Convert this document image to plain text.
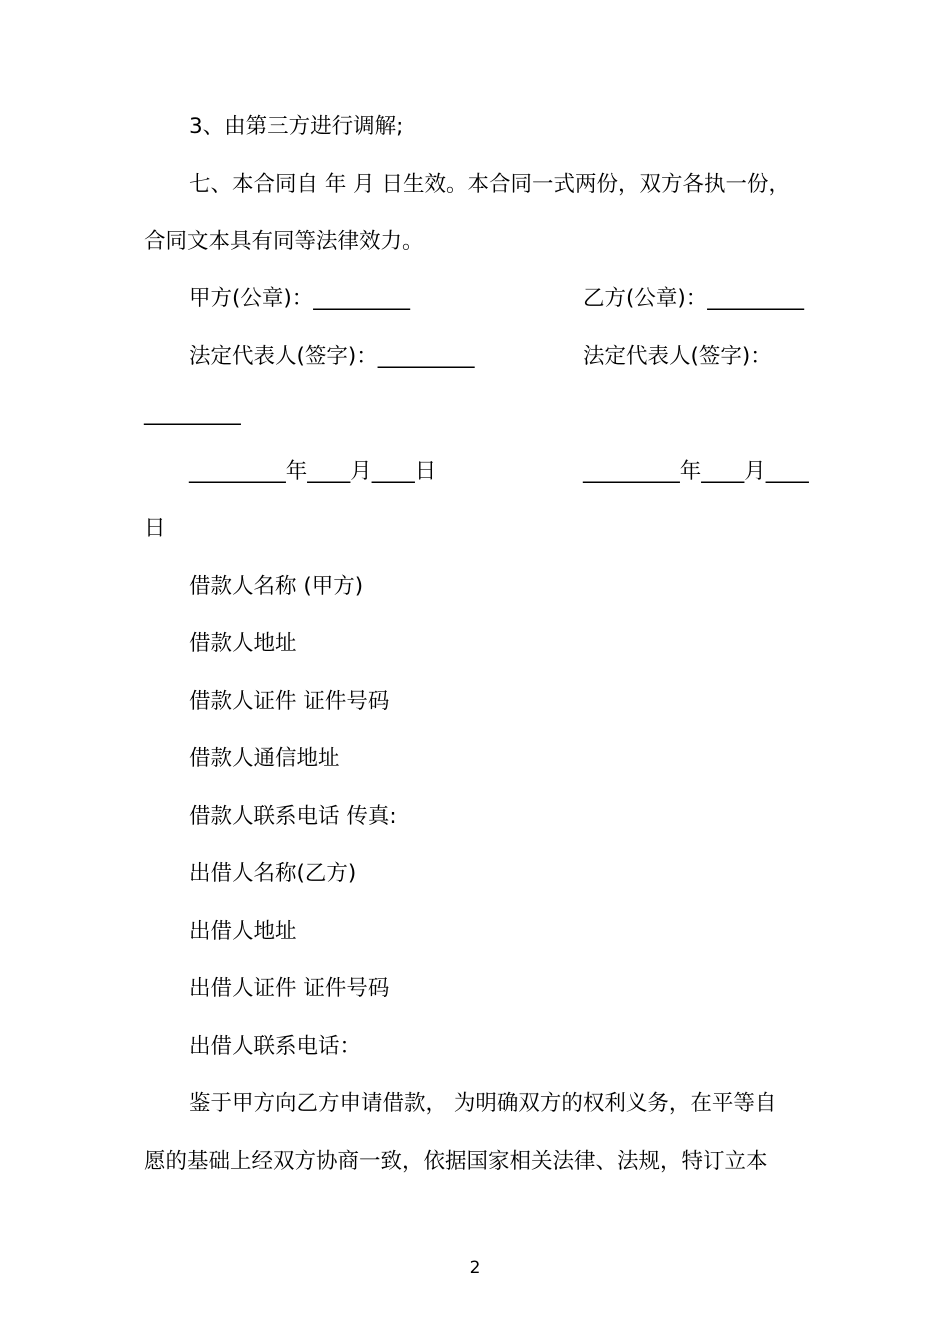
3、由第三方进行调解;
七、本合同自 年 月 日生效。本合同一式两份，双方各执一份，
合同文本具有同等法律效力。
甲方(公章)：_________	乙方(公章)：_________
法定代表人(签字)：_________	法定代表人(签字)：
_________
_________年____月____日	_________年____月____
日
借款人名称 (甲方)
借款人地址
借款人证件 证件号码
借款人通信地址
借款人联系电话 传真:
出借人名称(乙方)
出借人地址
出借人证件 证件号码
出借人联系电话：
鉴于甲方向乙方申请借款， 为明确双方的权利义务，在平等自
愿的基础上经双方协商一致，依据国家相关法律、法规，特订立本
2
